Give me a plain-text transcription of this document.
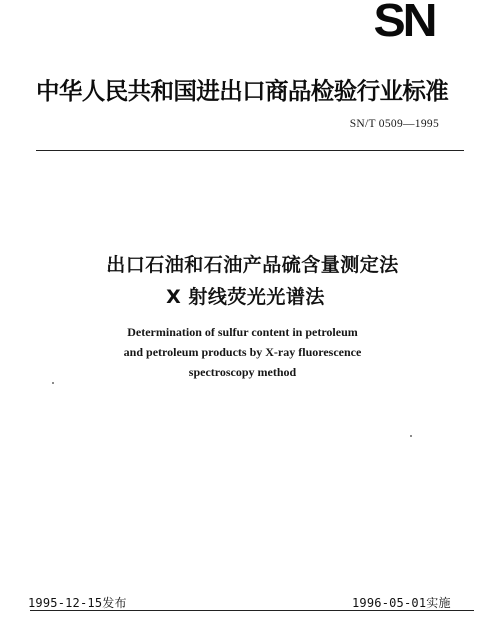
SN
中华人民共和国进出口商品检验行业标准
SN/T 0509—1995
出口石油和石油产品硫含量测定法
X 射线荧光光谱法
Determination of sulfur content in petroleum
and petroleum products by X-ray fluorescence
spectroscopy method
1995-12-15发布	1996-05-01实施
